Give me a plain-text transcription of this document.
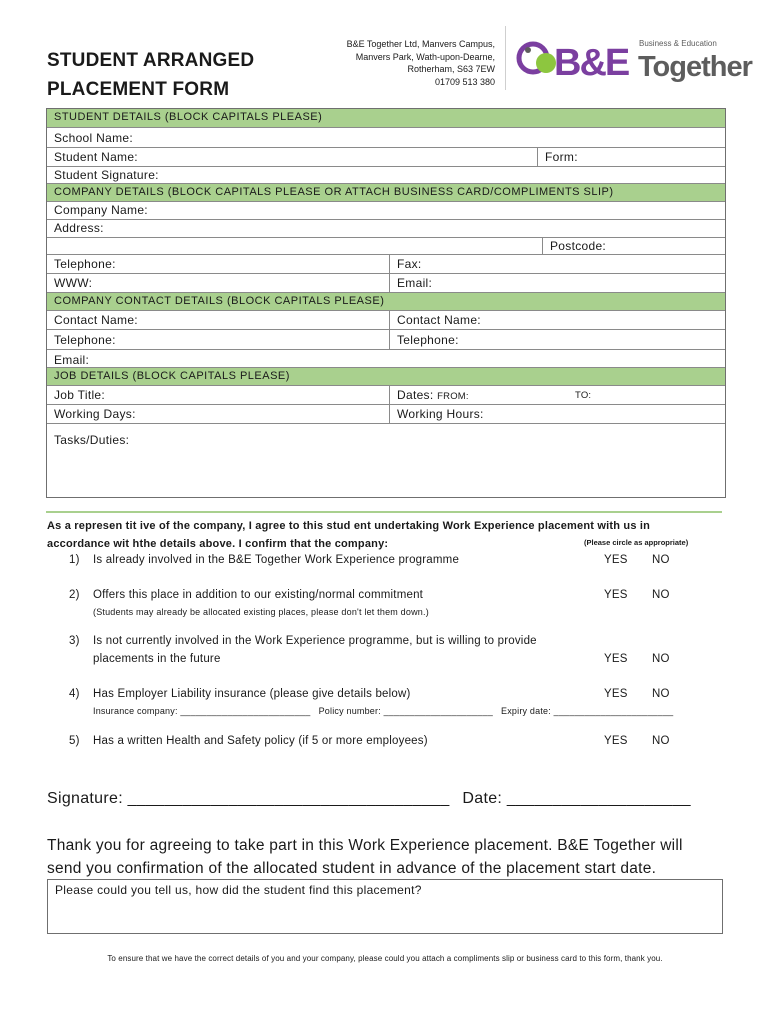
STUDENT ARRANGED
PLACEMENT FORM
B&E Together Ltd, Manvers Campus,
Manvers Park, Wath-upon-Dearne,
Rotherham, S63 7EW
01709 513 380 B&E Business & Education
Together
STUDENT DETAILS (BLOCK CAPITALS PLEASE)
School Name:
Student Name:	Form:
Student Signature:
COMPANY DETAILS (BLOCK CAPITALS PLEASE OR ATTACH BUSINESS CARD/COMPLIMENTS SLIP)
Company Name:
Address:
Postcode:
Telephone:	Fax:
WWW:	Email:
COMPANY CONTACT DETAILS (BLOCK CAPITALS PLEASE)
Contact Name:	Contact Name:
Telephone:	Telephone:
Email:
JOB DETAILS (BLOCK CAPITALS PLEASE)
Job Title:	Dates: FROM:	TO:
Working Days:	Working Hours:
Tasks/Duties:
As a represen tit ive of the company, I agree to this stud ent undertaking Work Experience placement with us in
accordance wit hthe details above. I confirm that the company:	(Please circle as appropriate)
1) Is already involved in the B&E Together Work Experience programme	YES NO
2) Offers this place in addition to our existing/normal commitment	YES NO
(Students may already be allocated existing places, please don't let them down.)
3) Is not currently involved in the Work Experience programme, but is willing to provide
placements in the future	YES NO
4) Has Employer Liability insurance (please give details below)	YES NO
Insurance company: _________________________   Policy number: _____________________   Expiry date: _______________________
5) Has a written Health and Safety policy (if 5 or more employees)	YES NO
Signature: ___________________________________ Date: ____________________
Thank you for agreeing to take part in this Work Experience placement. B&E Together will
send you confirmation of the allocated student in advance of the placement start date.
Please could you tell us, how did the student find this placement?
To ensure that we have the correct details of you and your company, please could you attach a compliments slip or business card to this form, thank you.
